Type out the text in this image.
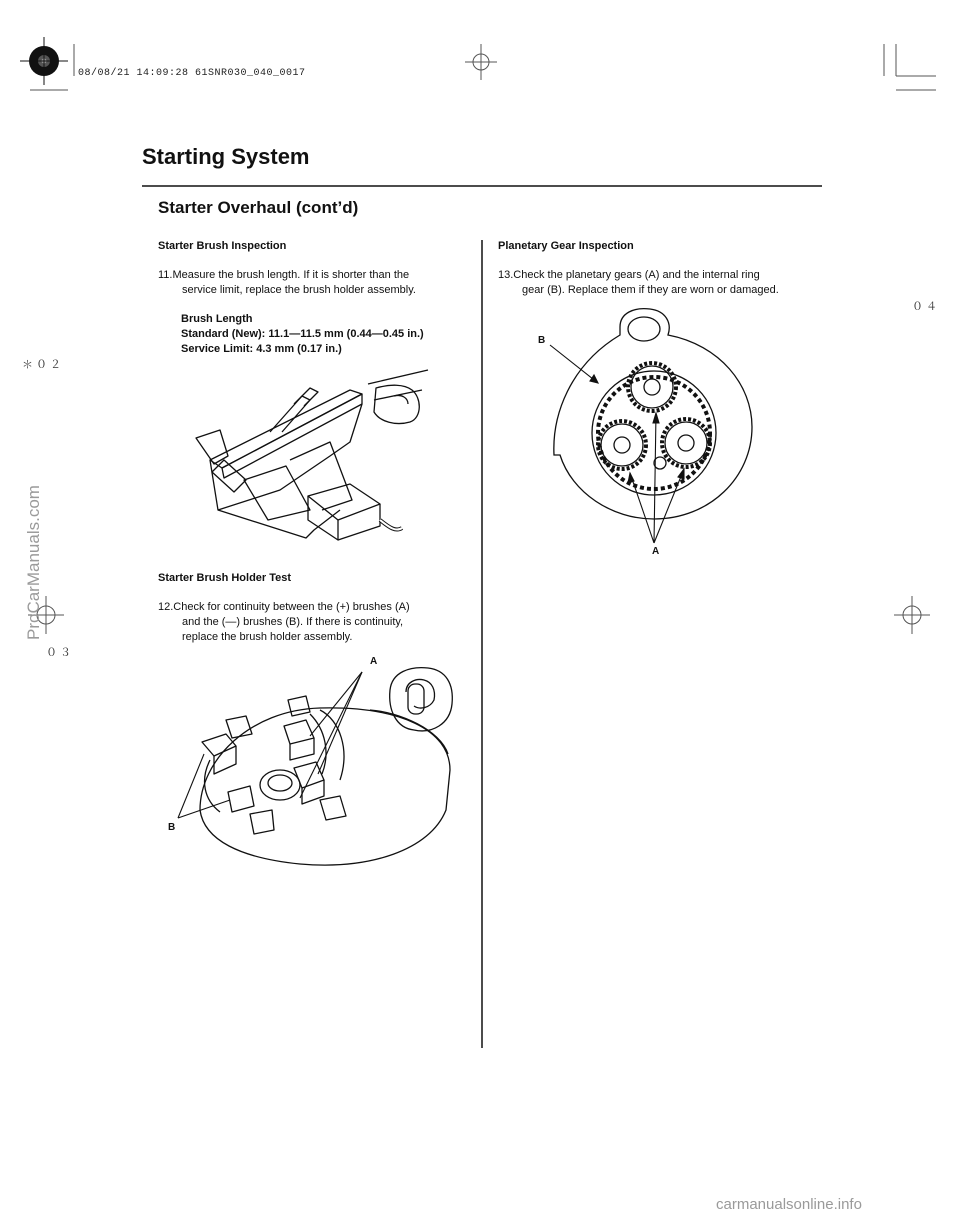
08/08/21 14:09:28 61SNR030_040_0017
Starting System
Starter Overhaul (cont’d)
Starter Brush Inspection
11.Measure the brush length. If it is shorter than the
service limit, replace the brush holder assembly.
Brush Length
Standard (New): 11.1—11.5 mm (0.44—0.45 in.)
Service Limit: 4.3 mm (0.17 in.)
Starter Brush Holder Test
12.Check for continuity between the (+) brushes (A)
and the (—) brushes (B). If there is continuity,
replace the brush holder assembly.
A
B
Planetary Gear Inspection
13.Check the planetary gears (A) and the internal ring
gear (B). Replace them if they are worn or damaged.
B
A
０４
＊０２
０３
ProCarManuals.com
carmanualsonline.info
